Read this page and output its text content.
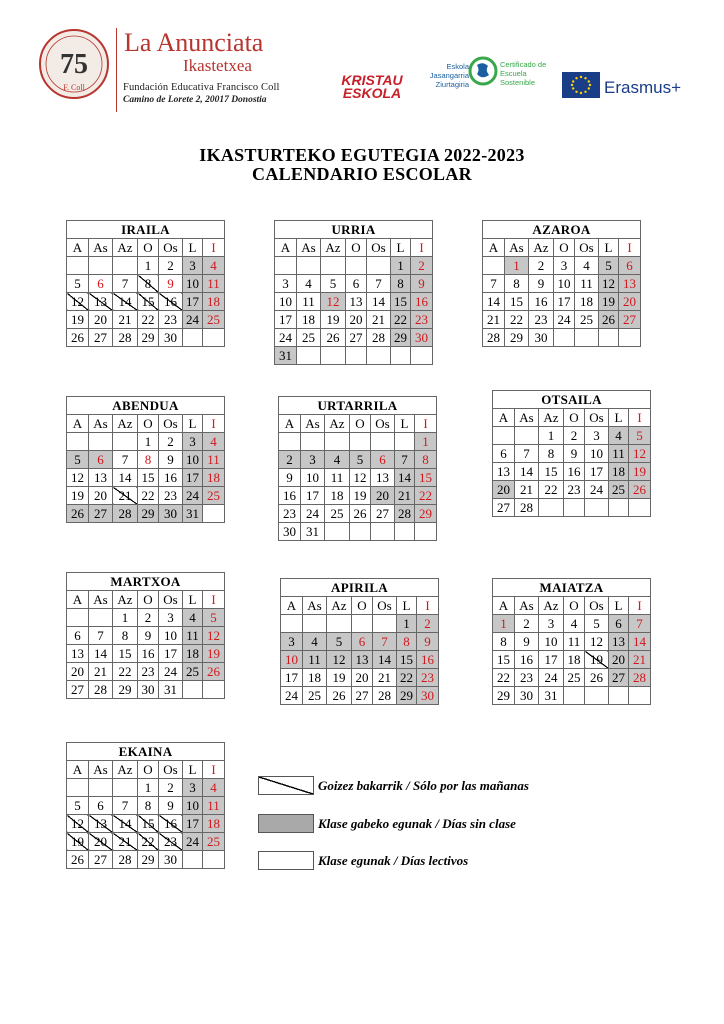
75
F. Coll
La Anunciata
Ikastetxea
Fundación Educativa Francisco Coll
Camino de Lorete 2, 20017 Donostia
KRISTAU ESKOLA
Eskola Jasangarria Ziurtagiria
Certificado de Escuela Sostenible	Erasmus+
IKASTURTEKO EGUTEGIA 2022-2023
CALENDARIO ESCOLAR
IRAILA						
A	As	Az	O	Os	L	I
			1	2	3	4
5	6	7	8	9	10	11
12	13	14	15	16	17	18
19	20	21	22	23	24	25
26	27	28	29	30		
URRIA						
A	As	Az	O	Os	L	I
					1	2
3	4	5	6	7	8	9
10	11	12	13	14	15	16
17	18	19	20	21	22	23
24	25	26	27	28	29	30
31						
AZAROA						
A	As	Az	O	Os	L	I
	1	2	3	4	5	6
7	8	9	10	11	12	13
14	15	16	17	18	19	20
21	22	23	24	25	26	27
28	29	30				
ABENDUA						
A	As	Az	O	Os	L	I
			1	2	3	4
5	6	7	8	9	10	11
12	13	14	15	16	17	18
19	20	21	22	23	24	25
26	27	28	29	30	31	
URTARRILA						
A	As	Az	O	Os	L	I
						1
2	3	4	5	6	7	8
9	10	11	12	13	14	15
16	17	18	19	20	21	22
23	24	25	26	27	28	29
30	31					
OTSAILA						
A	As	Az	O	Os	L	I
		1	2	3	4	5
6	7	8	9	10	11	12
13	14	15	16	17	18	19
20	21	22	23	24	25	26
27	28					
MARTXOA						
A	As	Az	O	Os	L	I
		1	2	3	4	5
6	7	8	9	10	11	12
13	14	15	16	17	18	19
20	21	22	23	24	25	26
27	28	29	30	31		
APIRILA						
A	As	Az	O	Os	L	I
					1	2
3	4	5	6	7	8	9
10	11	12	13	14	15	16
17	18	19	20	21	22	23
24	25	26	27	28	29	30
MAIATZA						
A	As	Az	O	Os	L	I
1	2	3	4	5	6	7
8	9	10	11	12	13	14
15	16	17	18	19	20	21
22	23	24	25	26	27	28
29	30	31				
EKAINA						
A	As	Az	O	Os	L	I
			1	2	3	4
5	6	7	8	9	10	11
12	13	14	15	16	17	18
19	20	21	22	23	24	25
26	27	28	29	30		
Goizez bakarrik / Sólo por las mañanas
Klase gabeko egunak / Días sin clase
Klase egunak / Días lectivos
